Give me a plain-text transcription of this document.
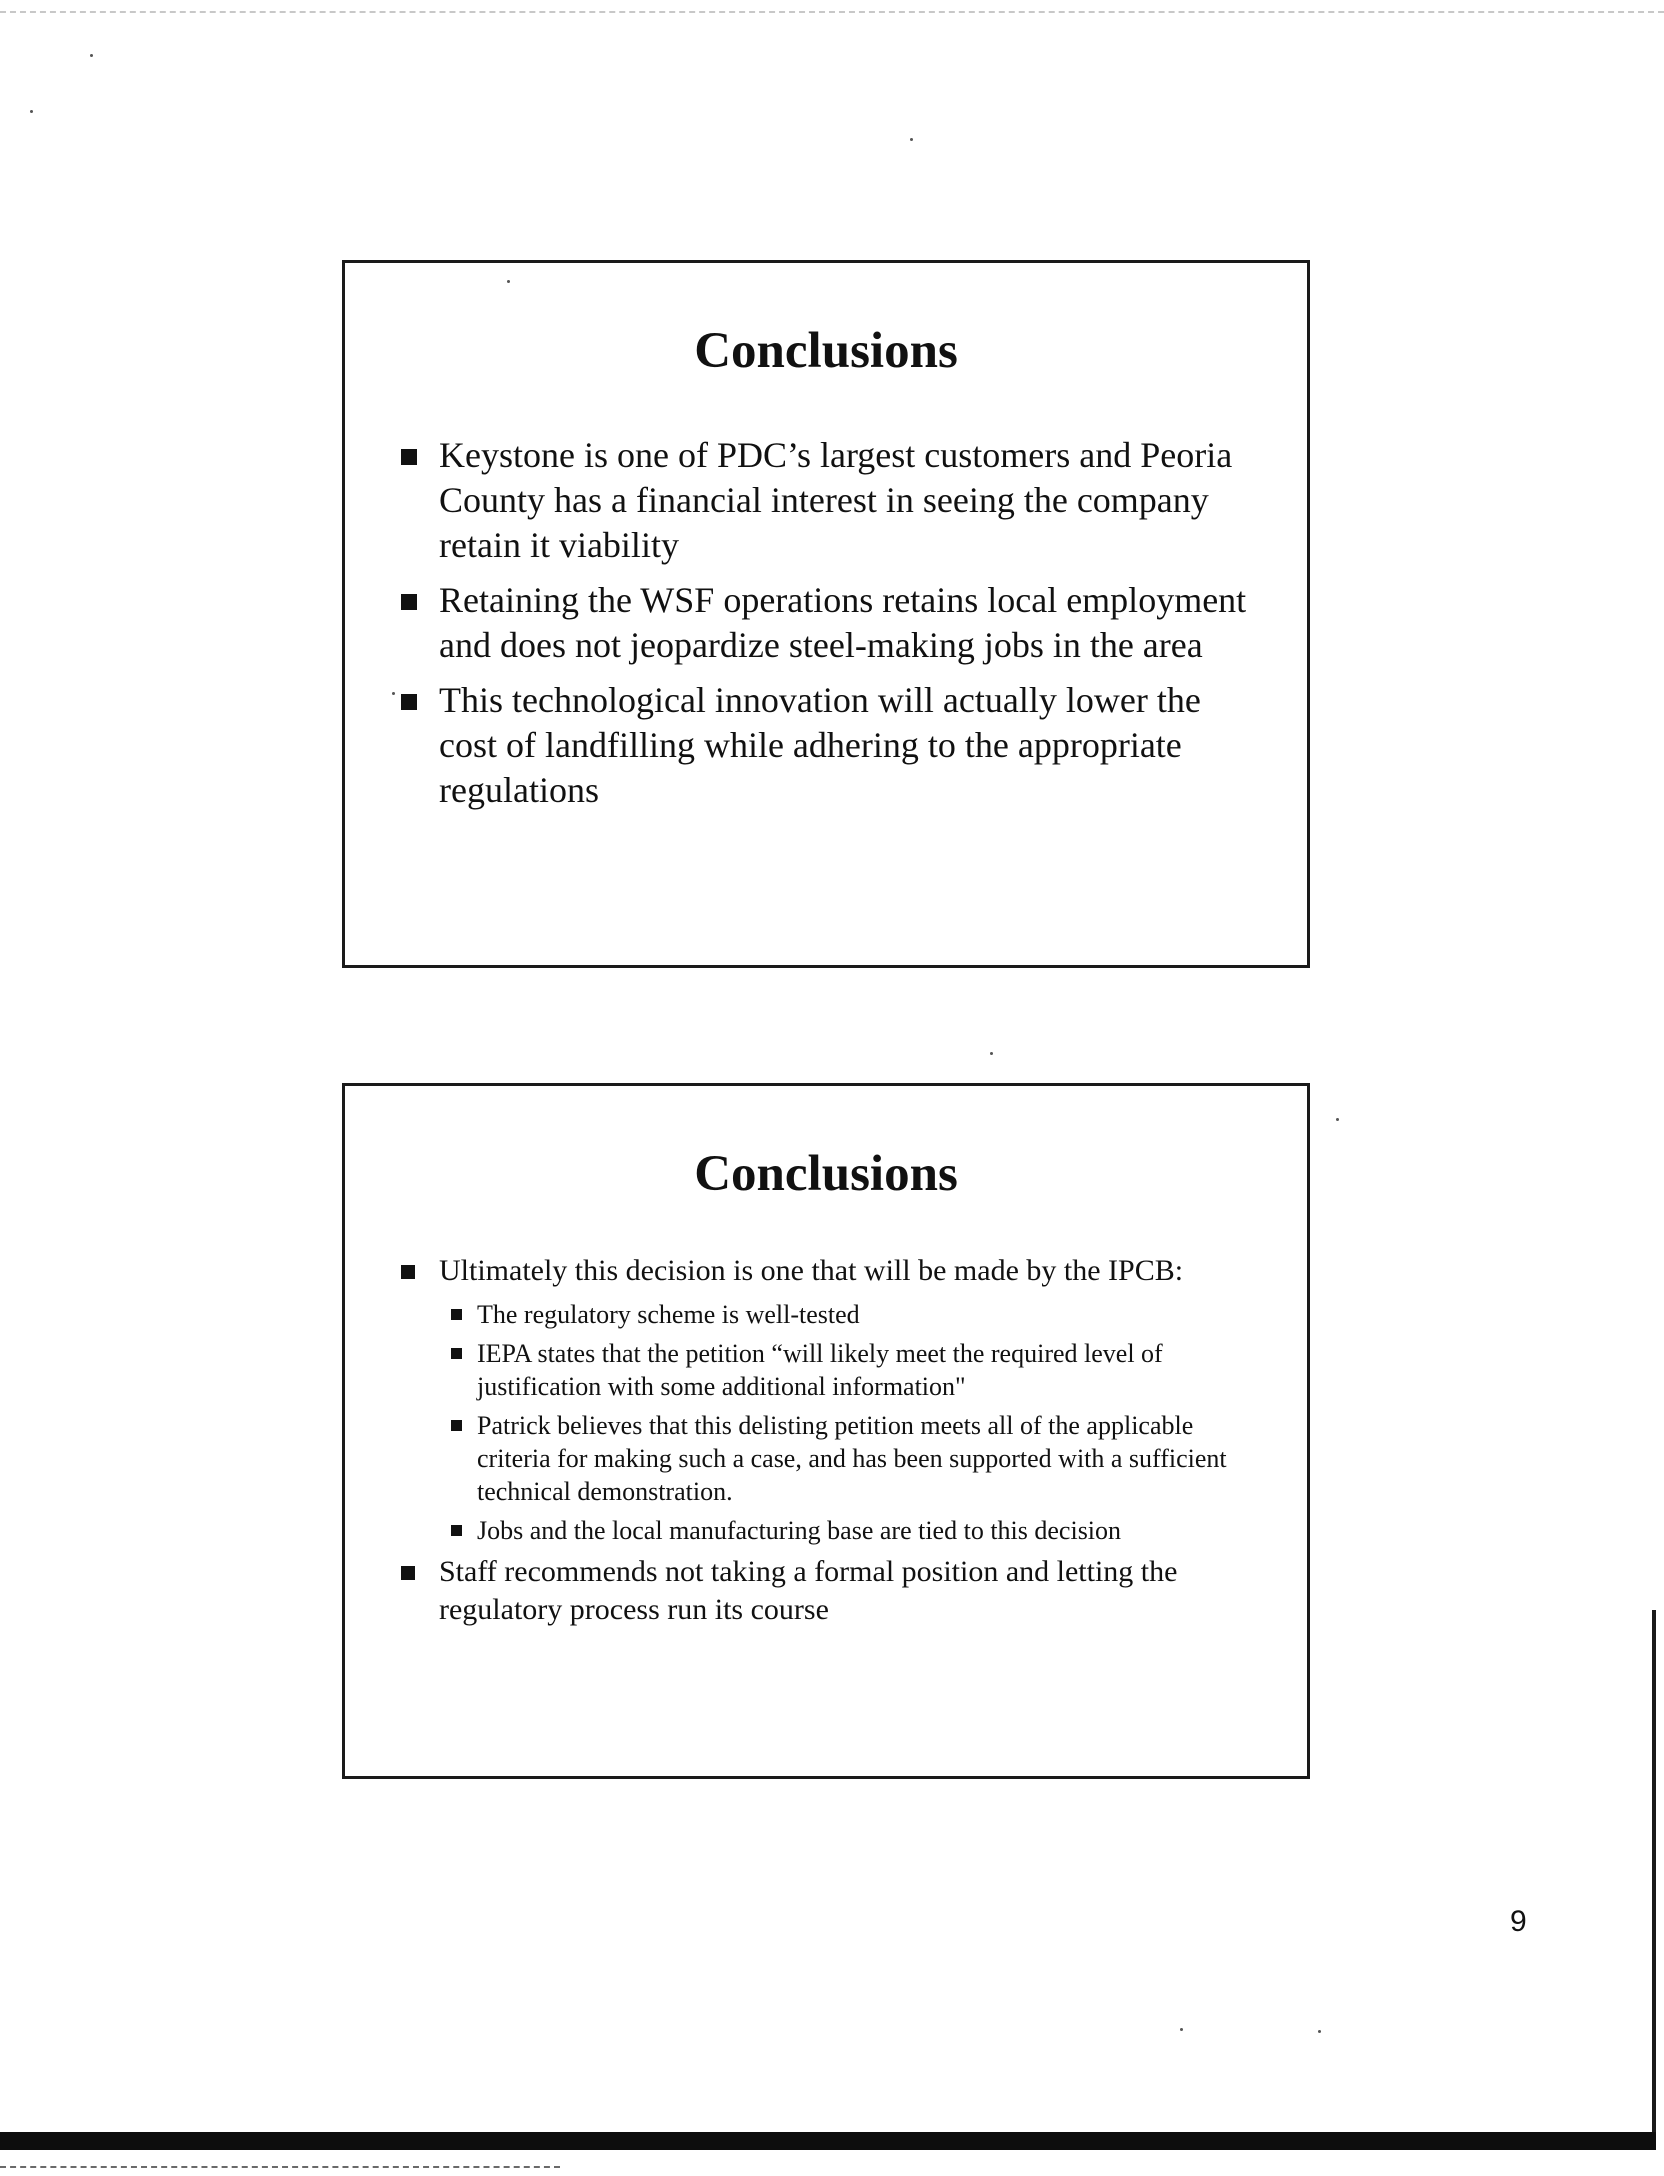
Conclusions
Keystone is one of PDC’s largest customers and Peoria County has a financial interest in seeing the company retain it viability
Retaining the WSF operations retains local employment and does not jeopardize steel-making jobs in the area
This technological innovation will actually lower the cost of landfilling while adhering to the appropriate regulations
Conclusions
Ultimately this decision is one that will be made by the IPCB:
The regulatory scheme is well-tested
IEPA states that the petition “will likely meet the required level of justification with some additional information"
Patrick believes that this delisting petition meets all of the applicable criteria for making such a case, and has been supported with a sufficient technical demonstration.
Jobs and the local manufacturing base are tied to this decision
Staff recommends not taking a formal position and letting the regulatory process run its course
9
